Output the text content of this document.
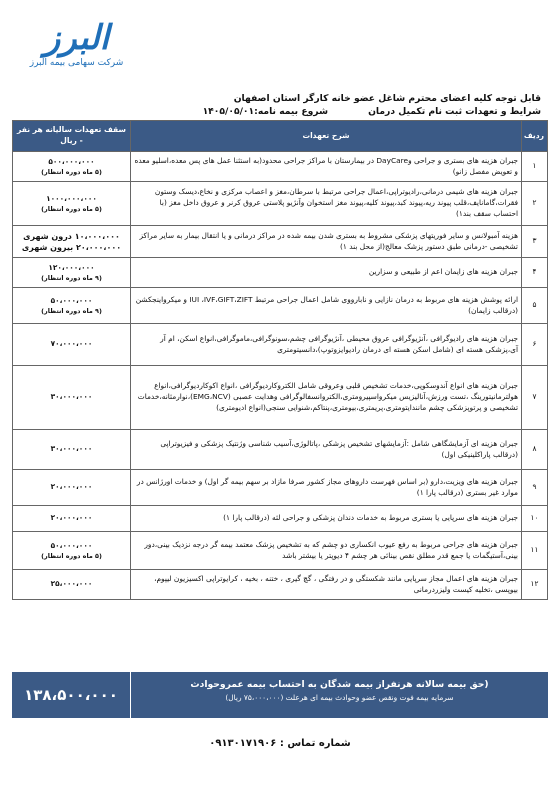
البرز
شرکت سهامی بیمه البرز
قابل توجه کلیه اعضای محترم شاغل عضو خانه کارگر استان اصفهان
شرایط و تعهدات ثبت نام تکمیل درمان
شروع بیمه نامه:۱۴۰۵/۰۵/۰۱
ردیف	شرح تعهدات	سقف تعهدات سالیانه هر نفر - ریال
۱	جبران هزینه های بستری و جراحی وDayCare در بیمارستان با مراکز جراحی محدود(به استثنا عمل های پس معده،اسلیو معده و تعویض مفصل زانو)	۵۰۰،۰۰۰،۰۰۰
(۵ ماه دوره انتظار)

۲	جبران هزینه های شیمی درمانی،رادیوتراپی،اعمال جراحی مرتبط با سرطان،مغز و اعصاب مرکزی و نخاع،دیسک وستون فقرات،گامانایف،قلب پیوند ریه،پیوند کبد،پیوند کلیه،پیوند مغز استخوان وآنژیو پلاستی عروق کرنر و عروق داخل مغز (با احتساب سقف بند۱)	۱۰۰۰،۰۰۰،۰۰۰
(۵ ماه دوره انتظار)

۳	هزینه آمبولانس و سایر فوریتهای پزشکی مشروط به بستری شدن بیمه شده در مراکز درمانی و یا انتقال بیمار به سایر مراکز تشخیصی -درمانی طبق دستور پزشک معالج(از محل بند ۱)	۱۰،۰۰۰،۰۰۰ درون شهری
۲۰،۰۰۰،۰۰۰ بیرون شهری

۴	جبران هزینه های زایمان اعم از طبیعی و سزارین	۱۲۰،۰۰۰،۰۰۰
(۹ ماه دوره انتظار)

۵	ارائه پوشش هزینه های مربوط به درمان نازایی و نابارووی شامل اعمال جراحی مرتبط IUI ،IVF،GIFT،ZIFT و میکرواینجکشن (درقالب زایمان)	۵۰،۰۰۰،۰۰۰
(۹ ماه دوره انتظار)

۶	جبران هزینه های رادیوگرافی ،آنژیوگرافی عروق محیطی ،آنژیوگرافی چشم،سونوگرافی،ماموگرافی،انواع اسکن، ام آر آی،پزشکی هسته ای (شامل اسکن هسته ای درمان رادیوایزوتوپ)،دانسیتومتری	۷۰،۰۰۰،۰۰۰
۷	جبران هزینه های انواع آندوسکوپی،خدمات تشخیص قلبی وعروقی شامل الکتروکاردیوگرافی ،انواع اکوکاردیوگرافی،انواع هولترمانیتورینگ ،تست ورزش،آنالیزیس میکرواسپیرومتری،الکتروانسفالوگرافی وهدایت عصبی (EMG،NCV)،نوارمثانه،خدمات تشخیصی و پرتوپزشکی چشم مانندایتومتری،پریمتری،بیومتری،پنتاکم،شنوایی سنجی(انواع ادیومتری)	۳۰،۰۰۰،۰۰۰
۸	جبران هزینه ای آزمایشگاهی شامل :آزمایشهای تشخیص پزشکی ،پاتالوژی،آسیب شناسی وژنتیک پزشکی و فیزیوتراپی (درقالب پاراکلینیکی اول)	۳۰،۰۰۰،۰۰۰
۹	جبران هزینه های ویزیت،دارو (بر اساس فهرست داروهای مجاز کشور صرفا مازاد بر سهم بیمه گر اول) و خدمات اورژانس در موارد غیر بستری (درقالب پارا ۱)	۲۰،۰۰۰،۰۰۰
۱۰	جبران هزینه های سرپایی یا بستری مربوط به خدمات دندان پزشکی و جراحی لثه (درقالب پارا ۱)	۲۰،۰۰۰،۰۰۰
۱۱	جبران هزینه های جراحی مربوط به رفع عیوب انکساری دو چشم که به تشخیص پزشک معتمد بیمه گر درجه نزدیک بینی،دور بینی،آستیگمات یا جمع قدر مطلق نقص بینائی هر چشم ۴ دیوپتر یا بیشتر باشد	۵۰،۰۰۰،۰۰۰
(۵ ماه دوره انتظار)

۱۲	جبران هزینه های اعمال مجاز سرپایی مانند شکستگی و در رفتگی ، گچ گیری ، ختنه ، بخیه ، کرایوتراپی اکسیزیون لیپوم، بیوپسی ،تخلیه کیست ولیزردرمانی	۲۵،۰۰۰،۰۰۰
(حق بیمه سالانه هرنفراز بیمه شدگان به احتساب بیمه عمروحوادث
سرمایه بیمه فوت ونقص عضو وحوادث بیمه ای هرعلت (۷۵،۰۰۰،۰۰۰ ریال)
۱۳۸،۵۰۰،۰۰۰
شماره تماس : ۰۹۱۳۰۱۷۱۹۰۶
